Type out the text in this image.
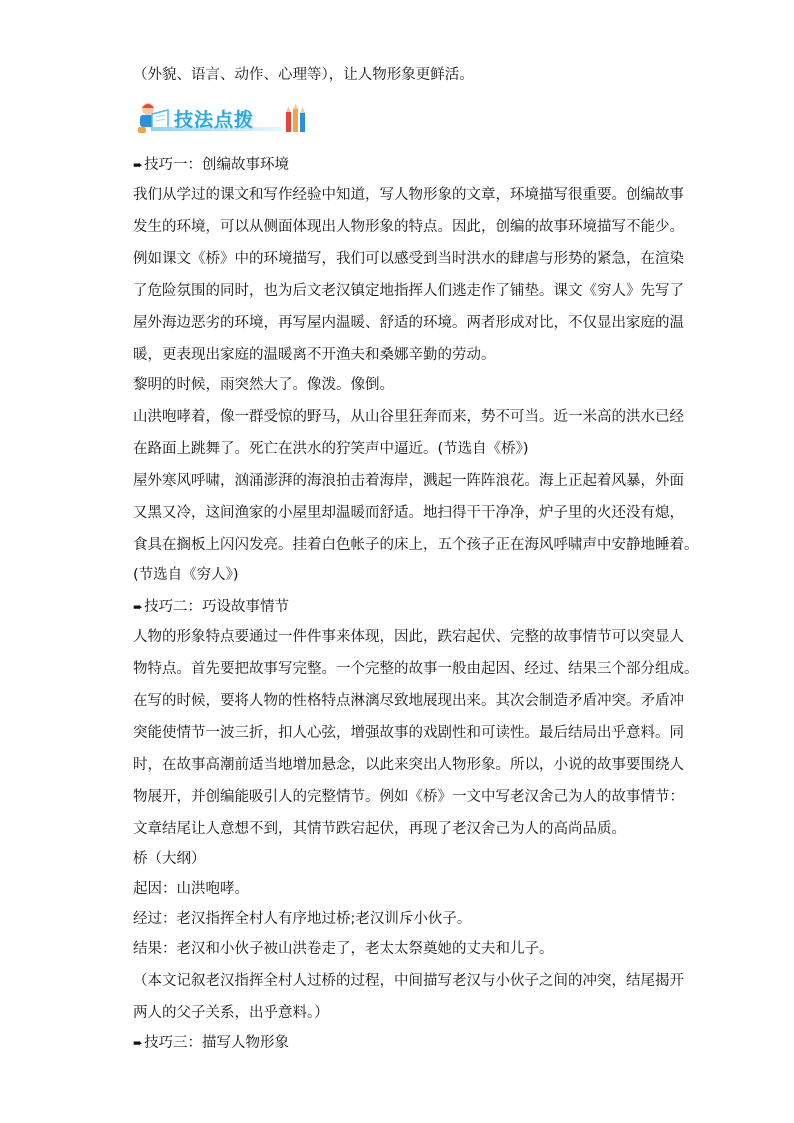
技法点拨
（外貌、语言、动作、心理等），让人物形象更鲜活。
➨ 技巧一：创编故事环境
我们从学过的课文和写作经验中知道，写人物形象的文章，环境描写很重要。创编故事
发生的环境，可以从侧面体现出人物形象的特点。因此，创编的故事环境描写不能少。
例如课文《桥》中的环境描写，我们可以感受到当时洪水的肆虐与形势的紧急，在渲染
了危险氛围的同时，也为后文老汉镇定地指挥人们逃走作了铺垫。课文《穷人》先写了
屋外海边恶劣的环境，再写屋内温暖、舒适的环境。两者形成对比，不仅显出家庭的温
暖，更表现出家庭的温暖离不开渔夫和桑娜辛勤的劳动。
黎明的时候，雨突然大了。像泼。像倒。
山洪咆哮着，像一群受惊的野马，从山谷里狂奔而来，势不可当。近一米高的洪水已经
在路面上跳舞了。死亡在洪水的狞笑声中逼近。(节选自《桥》)
屋外寒风呼啸，汹涌澎湃的海浪拍击着海岸，溅起一阵阵浪花。海上正起着风暴，外面
又黑又冷，这间渔家的小屋里却温暖而舒适。地扫得干干净净，炉子里的火还没有熄，
食具在搁板上闪闪发亮。挂着白色帐子的床上，五个孩子正在海风呼啸声中安静地睡着。
(节选自《穷人》)
➨ 技巧二：巧设故事情节
人物的形象特点要通过一件件事来体现，因此，跌宕起伏、完整的故事情节可以突显人
物特点。首先要把故事写完整。一个完整的故事一般由起因、经过、结果三个部分组成。
在写的时候，要将人物的性格特点淋漓尽致地展现出来。其次会制造矛盾冲突。矛盾冲
突能使情节一波三折，扣人心弦，增强故事的戏剧性和可读性。最后结局出乎意料。同
时，在故事高潮前适当地增加悬念，以此来突出人物形象。所以，小说的故事要围绕人
物展开，并创编能吸引人的完整情节。例如《桥》一文中写老汉舍己为人的故事情节：
文章结尾让人意想不到，其情节跌宕起伏，再现了老汉舍己为人的高尚品质。
桥（大纲）
起因：山洪咆哮。
经过：老汉指挥全村人有序地过桥;老汉训斥小伙子。
结果：老汉和小伙子被山洪卷走了，老太太祭奠她的丈夫和儿子。
（本文记叙老汉指挥全村人过桥的过程，中间描写老汉与小伙子之间的冲突，结尾揭开
两人的父子关系，出乎意料。）
➨ 技巧三：描写人物形象
